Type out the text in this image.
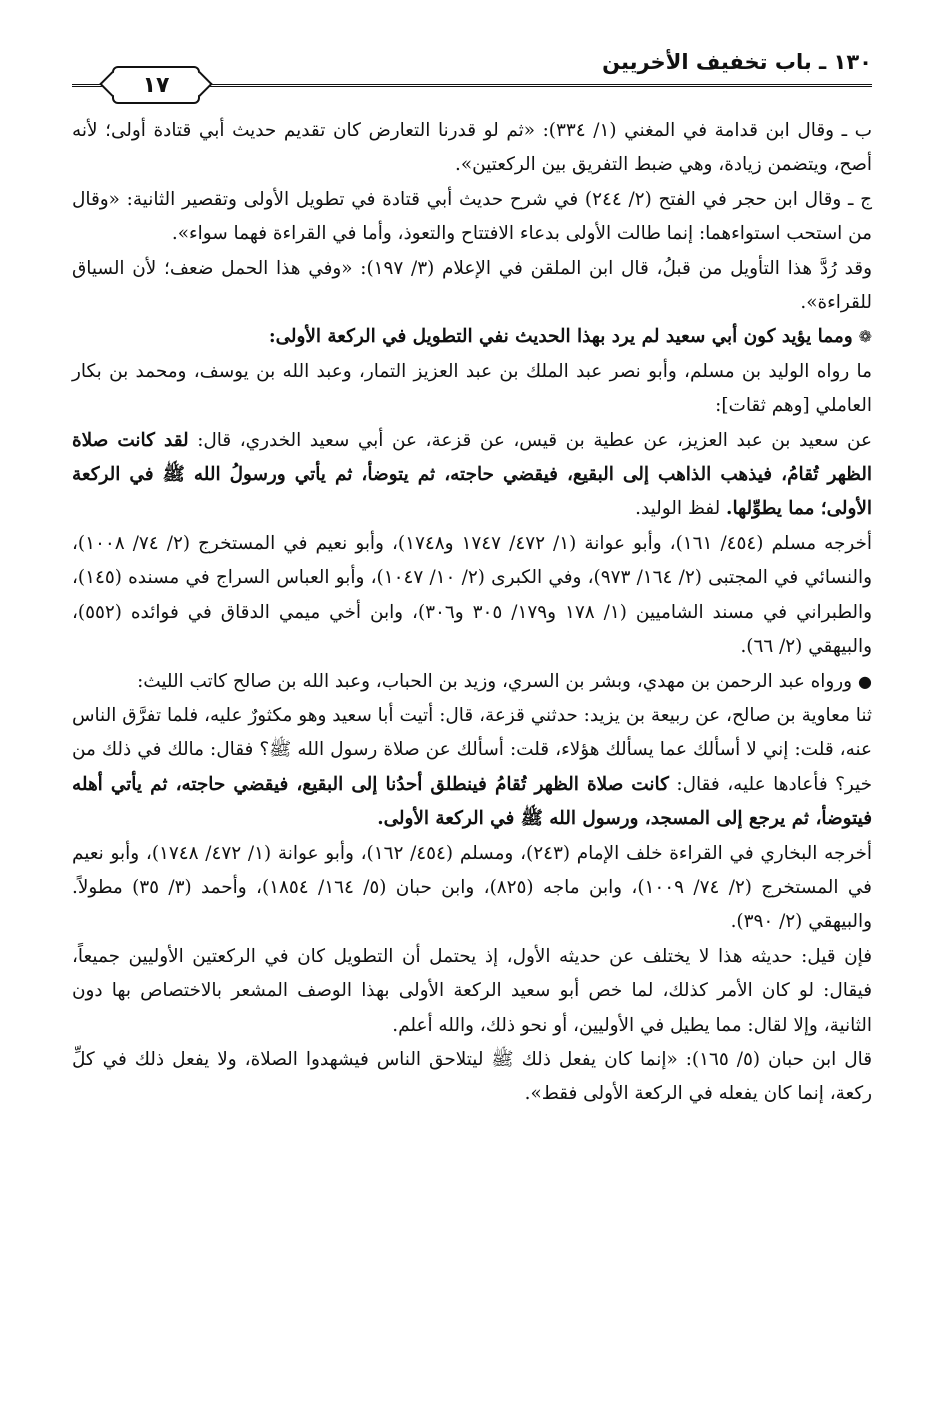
١٣٠ ـ باب تخفيف الأخريين
١٧

ب ـ وقال ابن قدامة في المغني (١/ ٣٣٤): «ثم لو قدرنا التعارض كان تقديم حديث أبي قتادة أولى؛ لأنه أصح، ويتضمن زيادة، وهي ضبط التفريق بين الركعتين».

ج ـ وقال ابن حجر في الفتح (٢/ ٢٤٤) في شرح حديث أبي قتادة في تطويل الأولى وتقصير الثانية: «وقال من استحب استواءهما: إنما طالت الأولى بدعاء الافتتاح والتعوذ، وأما في القراءة فهما سواء».

وقد رُدَّ هذا التأويل من قبلُ، قال ابن الملقن في الإعلام (٣/ ١٩٧): «وفي هذا الحمل ضعف؛ لأن السياق للقراءة».

❁ومما يؤيد كون أبي سعيد لم يرد بهذا الحديث نفي التطويل في الركعة الأولى:

ما رواه الوليد بن مسلم، وأبو نصر عبد الملك بن عبد العزيز التمار، وعبد الله بن يوسف، ومحمد بن بكار العاملي [وهم ثقات]:

عن سعيد بن عبد العزيز، عن عطية بن قيس، عن قزعة، عن أبي سعيد الخدري، قال: لقد كانت صلاة الظهر تُقامُ، فيذهب الذاهب إلى البقيع، فيقضي حاجته، ثم يتوضأ، ثم يأتي ورسولُ الله ﷺ في الركعة الأولى؛ مما يطوِّلها. لفظ الوليد.

أخرجه مسلم (٤٥٤/ ١٦١)، وأبو عوانة (١/ ٤٧٢/ ١٧٤٧ و١٧٤٨)، وأبو نعيم في المستخرج (٢/ ٧٤/ ١٠٠٨)، والنسائي في المجتبى (٢/ ١٦٤/ ٩٧٣)، وفي الكبرى (٢/ ١٠/ ١٠٤٧)، وأبو العباس السراج في مسنده (١٤٥)، والطبراني في مسند الشاميين (١/ ١٧٨ و١٧٩/ ٣٠٥ و٣٠٦)، وابن أخي ميمي الدقاق في فوائده (٥٥٢)، والبيهقي (٢/ ٦٦).

●ورواه عبد الرحمن بن مهدي، وبشر بن السري، وزيد بن الحباب، وعبد الله بن صالح كاتب الليث:

ثنا معاوية بن صالح، عن ربيعة بن يزيد: حدثني قزعة، قال: أتيت أبا سعيد وهو مكثورٌ عليه، فلما تفرَّق الناس عنه، قلت: إني لا أسألك عما يسألك هؤلاء، قلت: أسألك عن صلاة رسول الله ﷺ؟ فقال: مالك في ذلك من خير؟ فأعادها عليه، فقال: كانت صلاة الظهر تُقامُ فينطلق أحدُنا إلى البقيع، فيقضي حاجته، ثم يأتي أهله فيتوضأ، ثم يرجع إلى المسجد، ورسول الله ﷺ في الركعة الأولى.

أخرجه البخاري في القراءة خلف الإمام (٢٤٣)، ومسلم (٤٥٤/ ١٦٢)، وأبو عوانة (١/ ٤٧٢/ ١٧٤٨)، وأبو نعيم في المستخرج (٢/ ٧٤/ ١٠٠٩)، وابن ماجه (٨٢٥)، وابن حبان (٥/ ١٦٤/ ١٨٥٤)، وأحمد (٣/ ٣٥) مطولاً. والبيهقي (٢/ ٣٩٠).

فإن قيل: حديثه هذا لا يختلف عن حديثه الأول، إذ يحتمل أن التطويل كان في الركعتين الأوليين جميعاً، فيقال: لو كان الأمر كذلك، لما خص أبو سعيد الركعة الأولى بهذا الوصف المشعر بالاختصاص بها دون الثانية، وإلا لقال: مما يطيل في الأوليين، أو نحو ذلك، والله أعلم.

قال ابن حبان (٥/ ١٦٥): «إنما كان يفعل ذلك ﷺ ليتلاحق الناس فيشهدوا الصلاة، ولا يفعل ذلك في كلِّ ركعة، إنما كان يفعله في الركعة الأولى فقط».
